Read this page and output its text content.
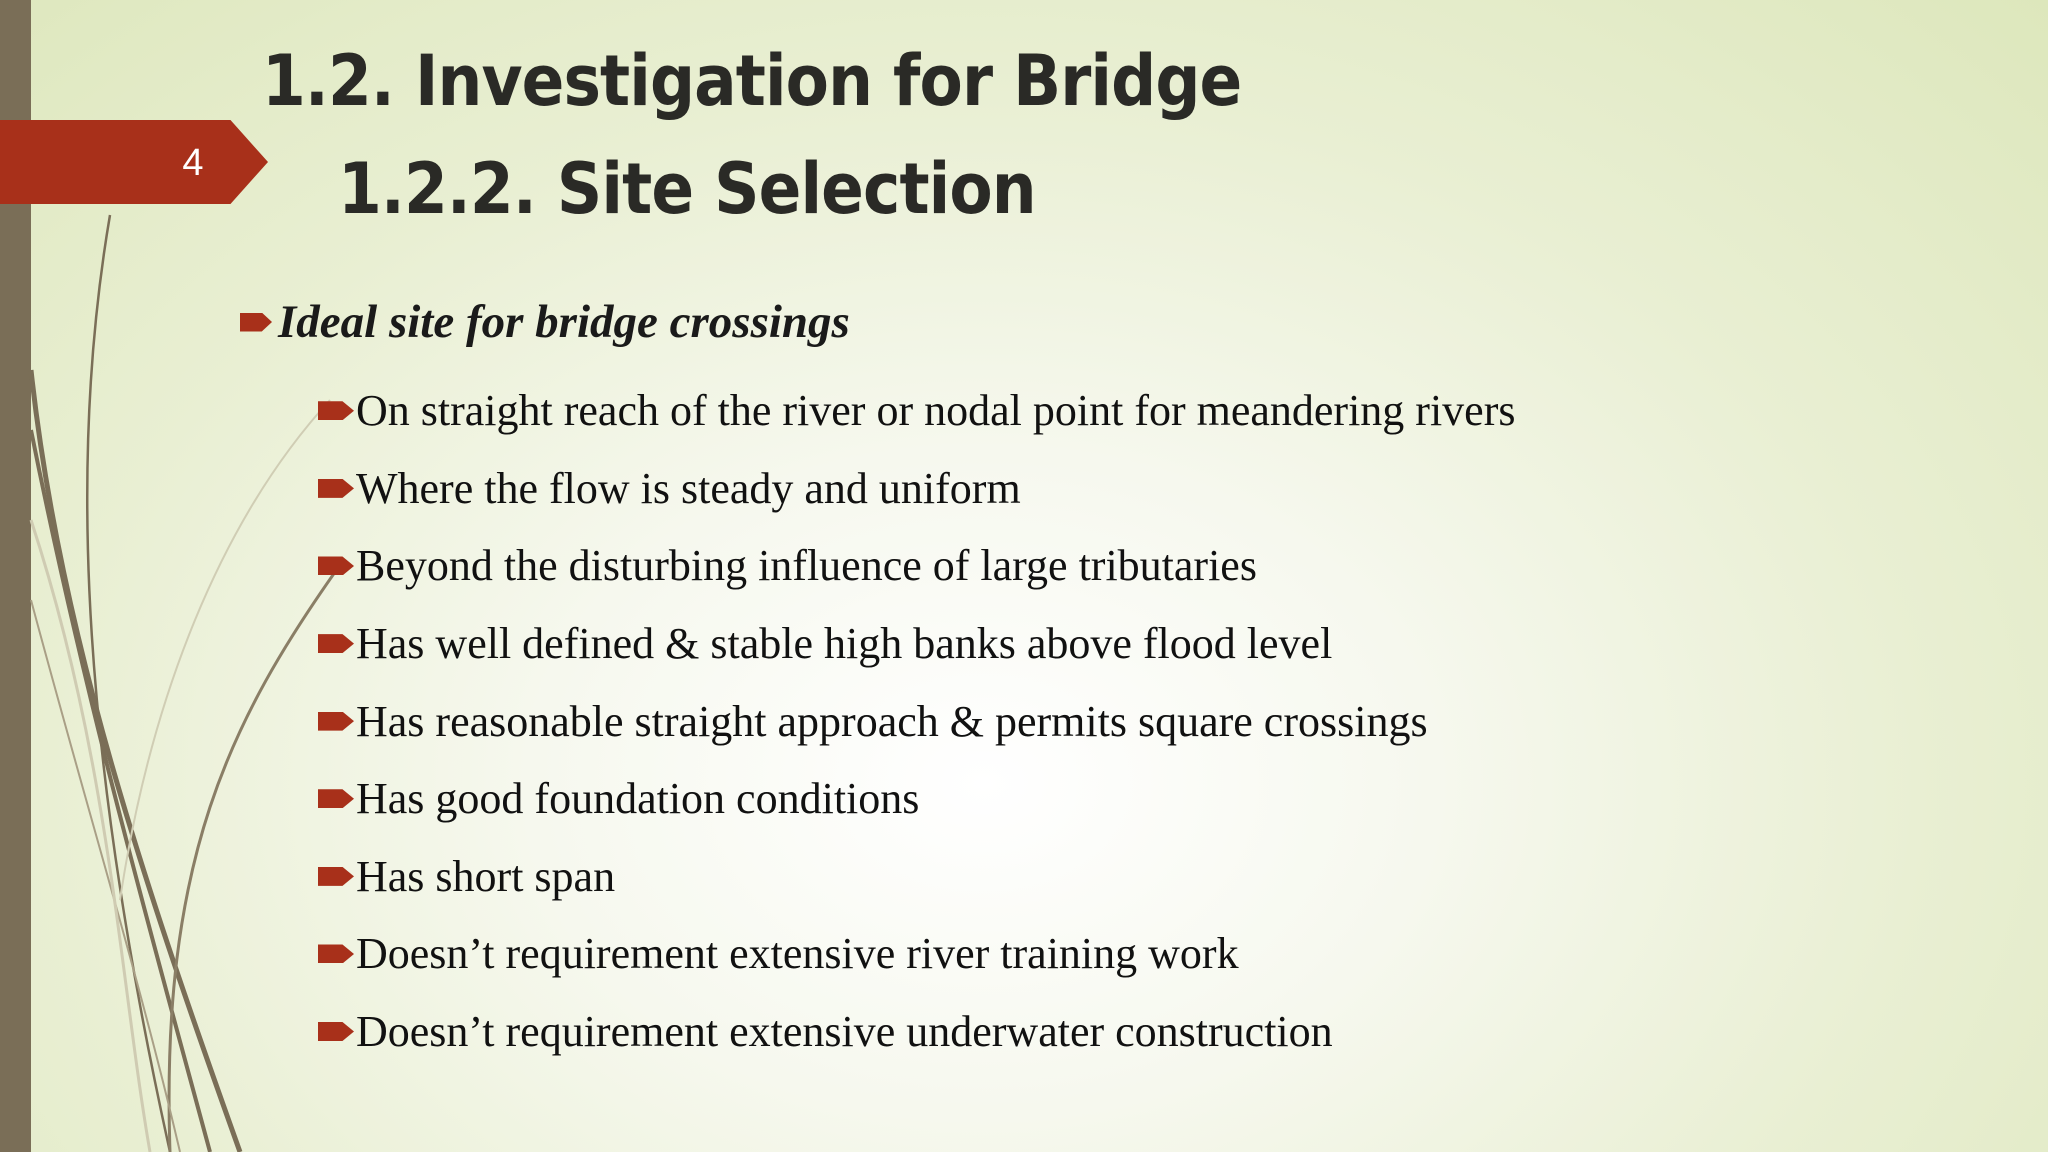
4
1.2. Investigation for Bridge
1.2.2. Site Selection
Ideal site for bridge crossings
On straight reach of the river or nodal point for meandering rivers
Where the flow is steady and uniform
Beyond the disturbing influence of large tributaries
Has well defined & stable high banks above flood level
Has reasonable straight approach & permits square crossings
Has good foundation conditions
Has short span
Doesn’t requirement extensive river training work
Doesn’t requirement extensive underwater construction
